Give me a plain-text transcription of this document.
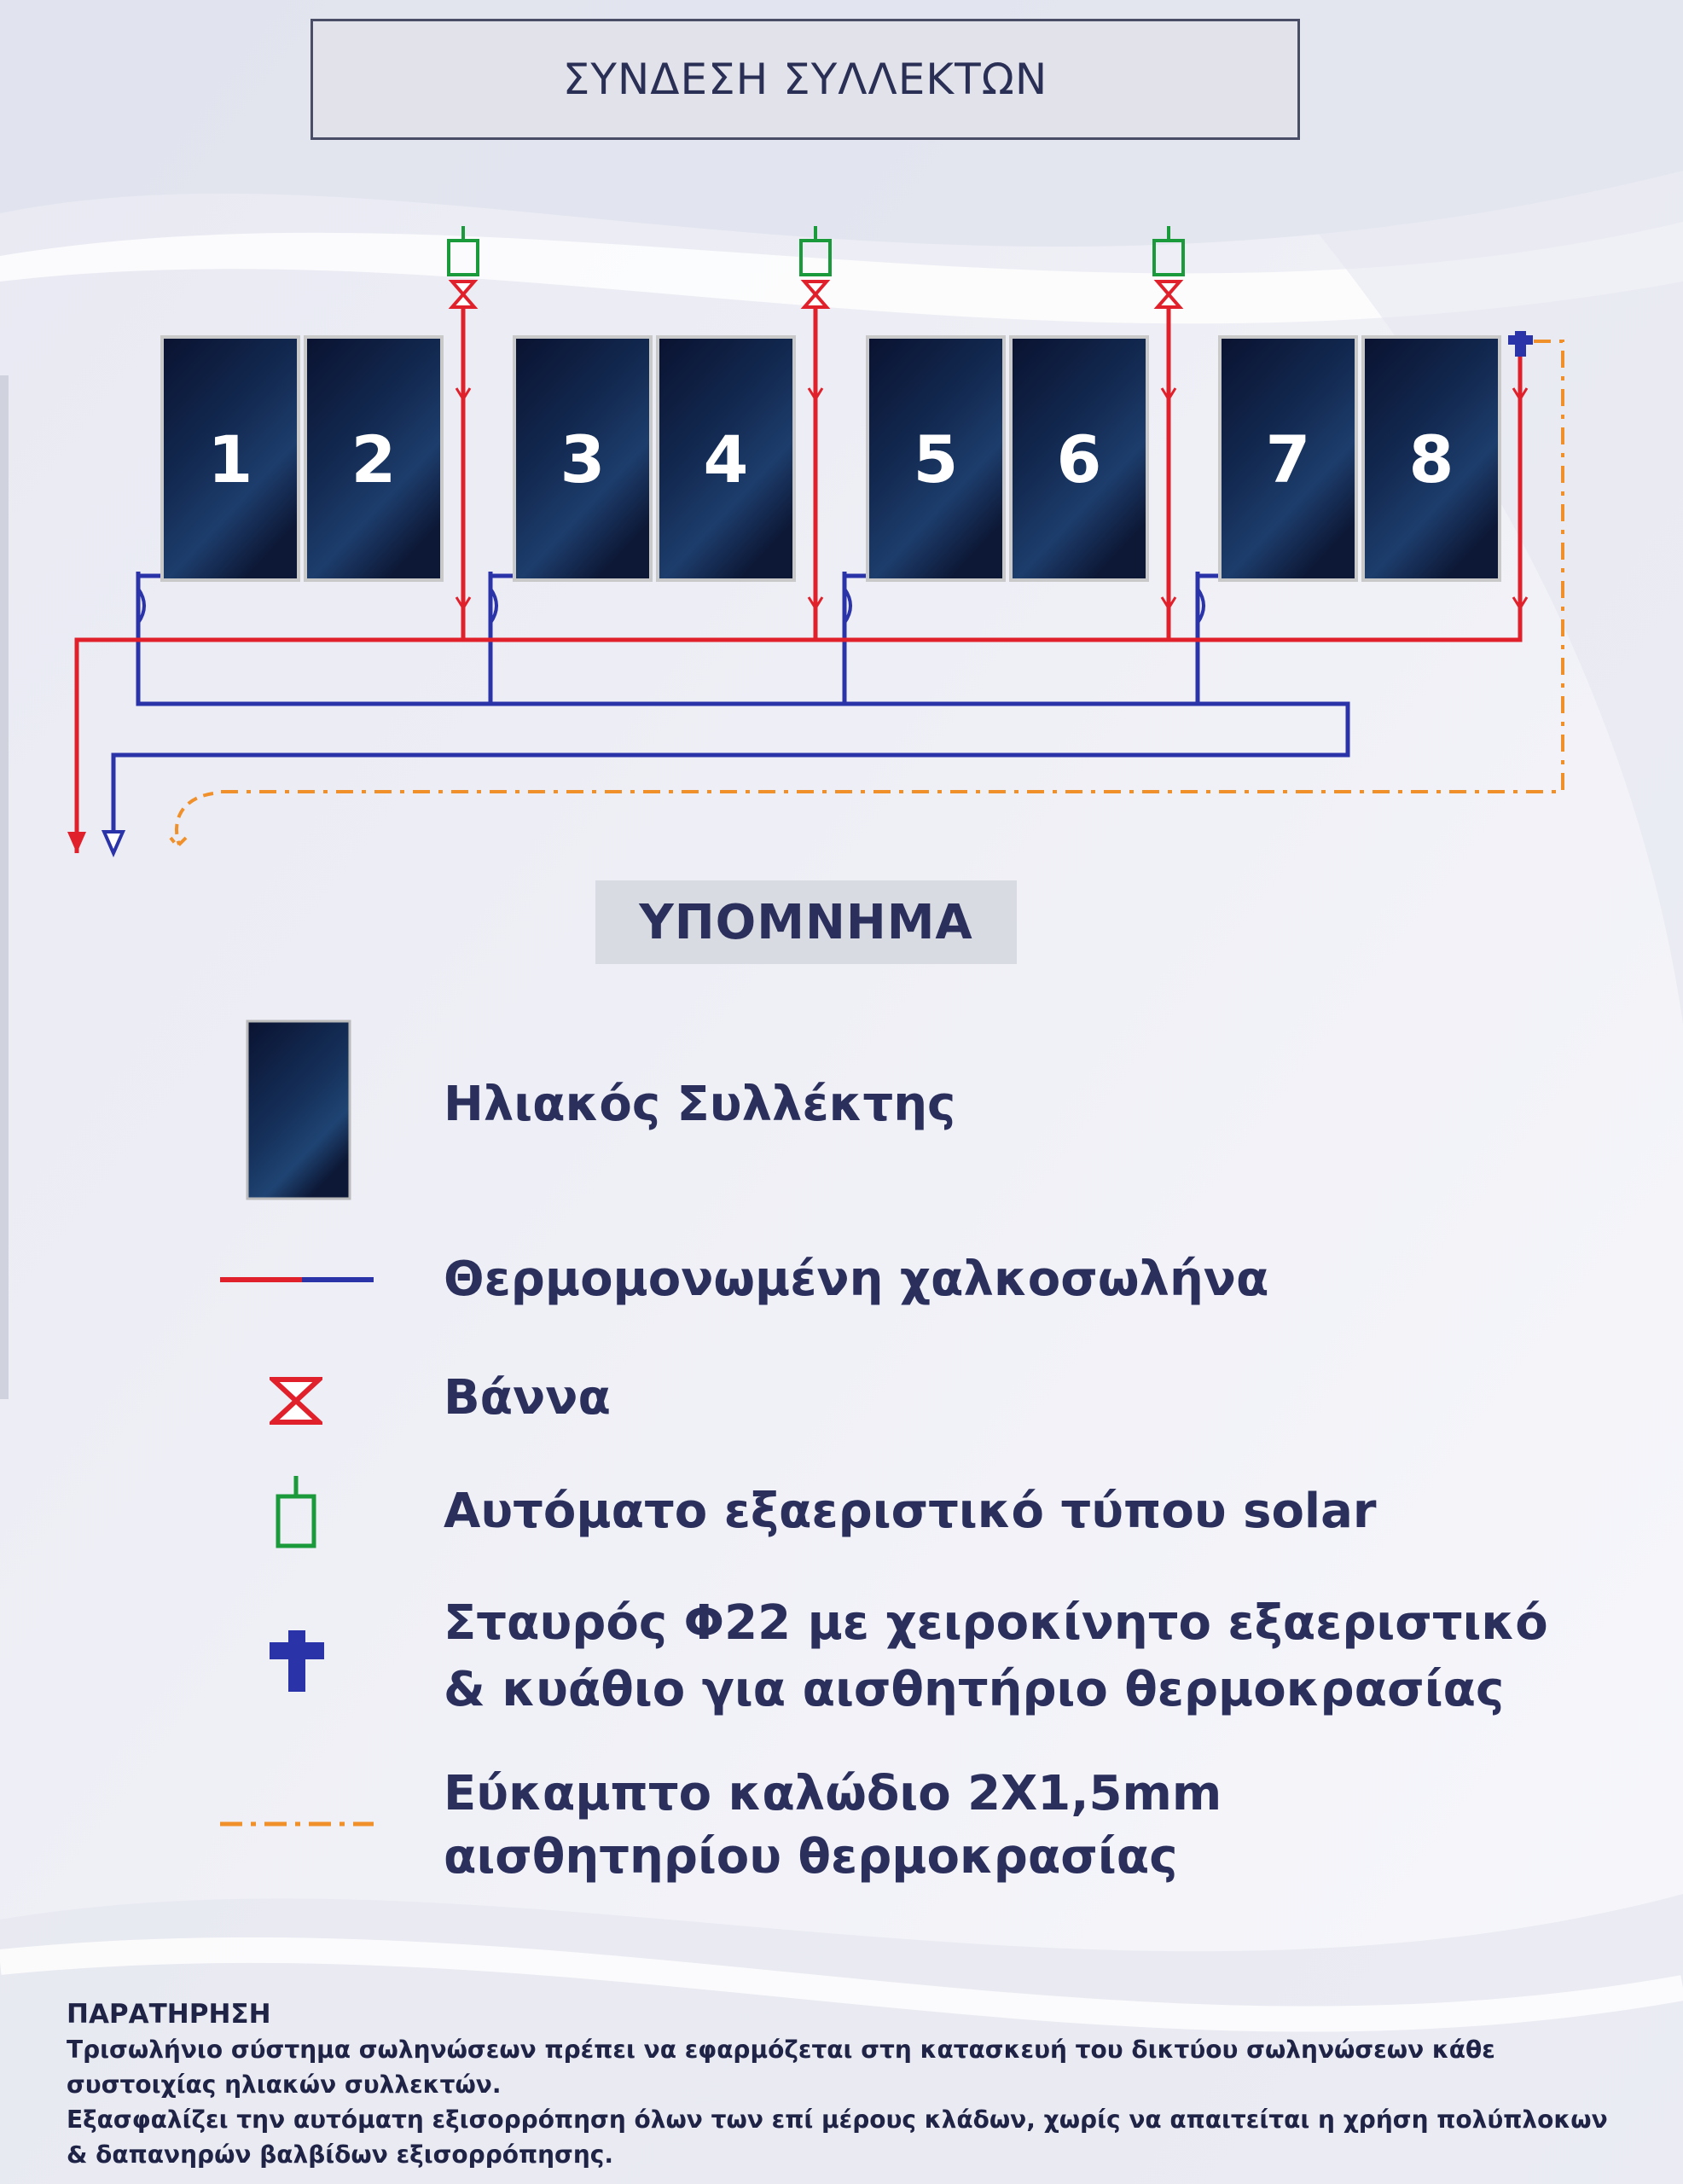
ΣΥΝΔΕΣΗ ΣΥΛΛΕΚΤΩΝ
1 2	3 4	5 6	7 8
ΥΠΟΜΝΗΜΑ
Ηλιακός Συλλέκτης
Θερμομονωμένη χαλκοσωλήνα
Βάννα
Αυτόματο εξαεριστικό τύπου solar
Σταυρός Φ22 με χειροκίνητο εξαεριστικό
& κυάθιο για αισθητήριο θερμοκρασίας
Εύκαμπτο καλώδιο 2Χ1,5mm
αισθητηρίου θερμοκρασίας
ΠΑΡΑΤΗΡΗΣΗ
Τρισωλήνιο σύστημα σωληνώσεων πρέπει να εφαρμόζεται στη κατασκευή του δικτύου σωληνώσεων κάθε
συστοιχίας ηλιακών συλλεκτών.
Εξασφαλίζει την αυτόματη εξισορρόπηση όλων των επί μέρους κλάδων, χωρίς να απαιτείται η χρήση πολύπλοκων
& δαπανηρών βαλβίδων εξισορρόπησης.
